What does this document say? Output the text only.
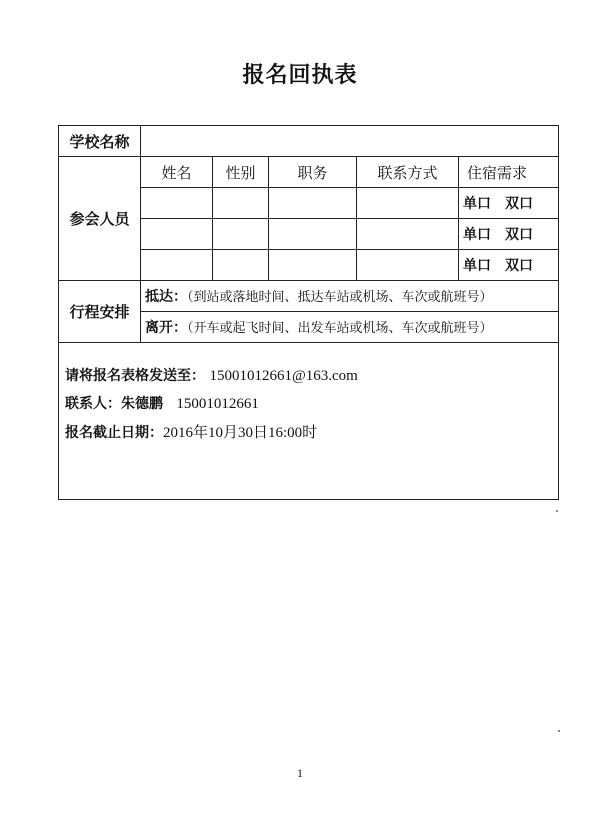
报名回执表
学校名称					
参会人员	姓名	性别	职务	联系方式	住宿需求
					单口 双口
					单口 双口
					单口 双口
行程安排	抵达：（到站或落地时间、抵达车站或机场、车次或航班号）				
	离开：（开车或起飞时间、出发车站或机场、车次或航班号）				

请将报名表格发送至： 15001012661@163.com
联系人：朱德鹏 15001012661
报名截止日期：2016年10月30日16:00时					
1
